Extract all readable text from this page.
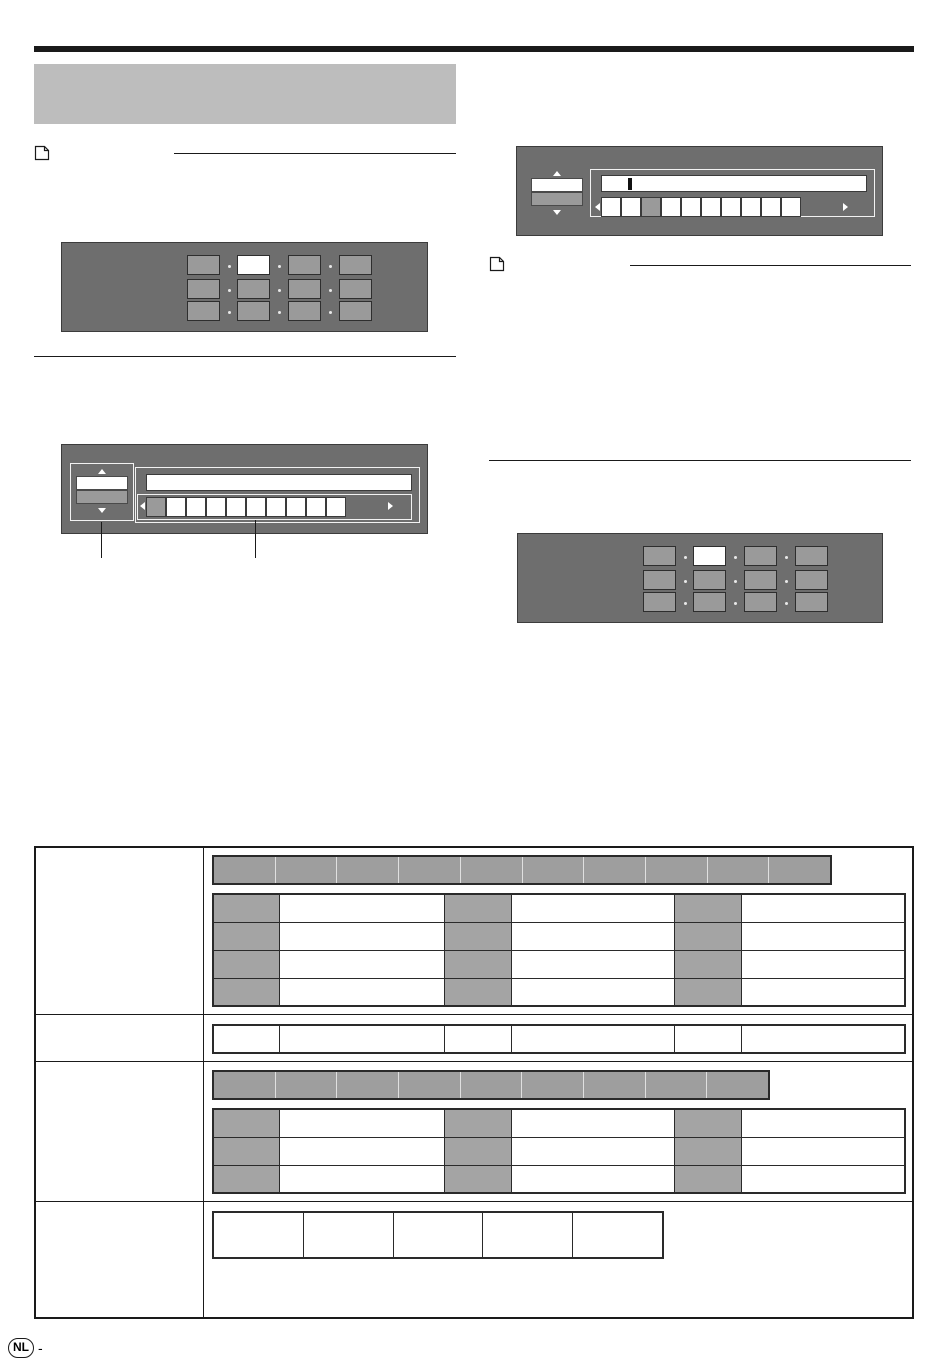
NL -
